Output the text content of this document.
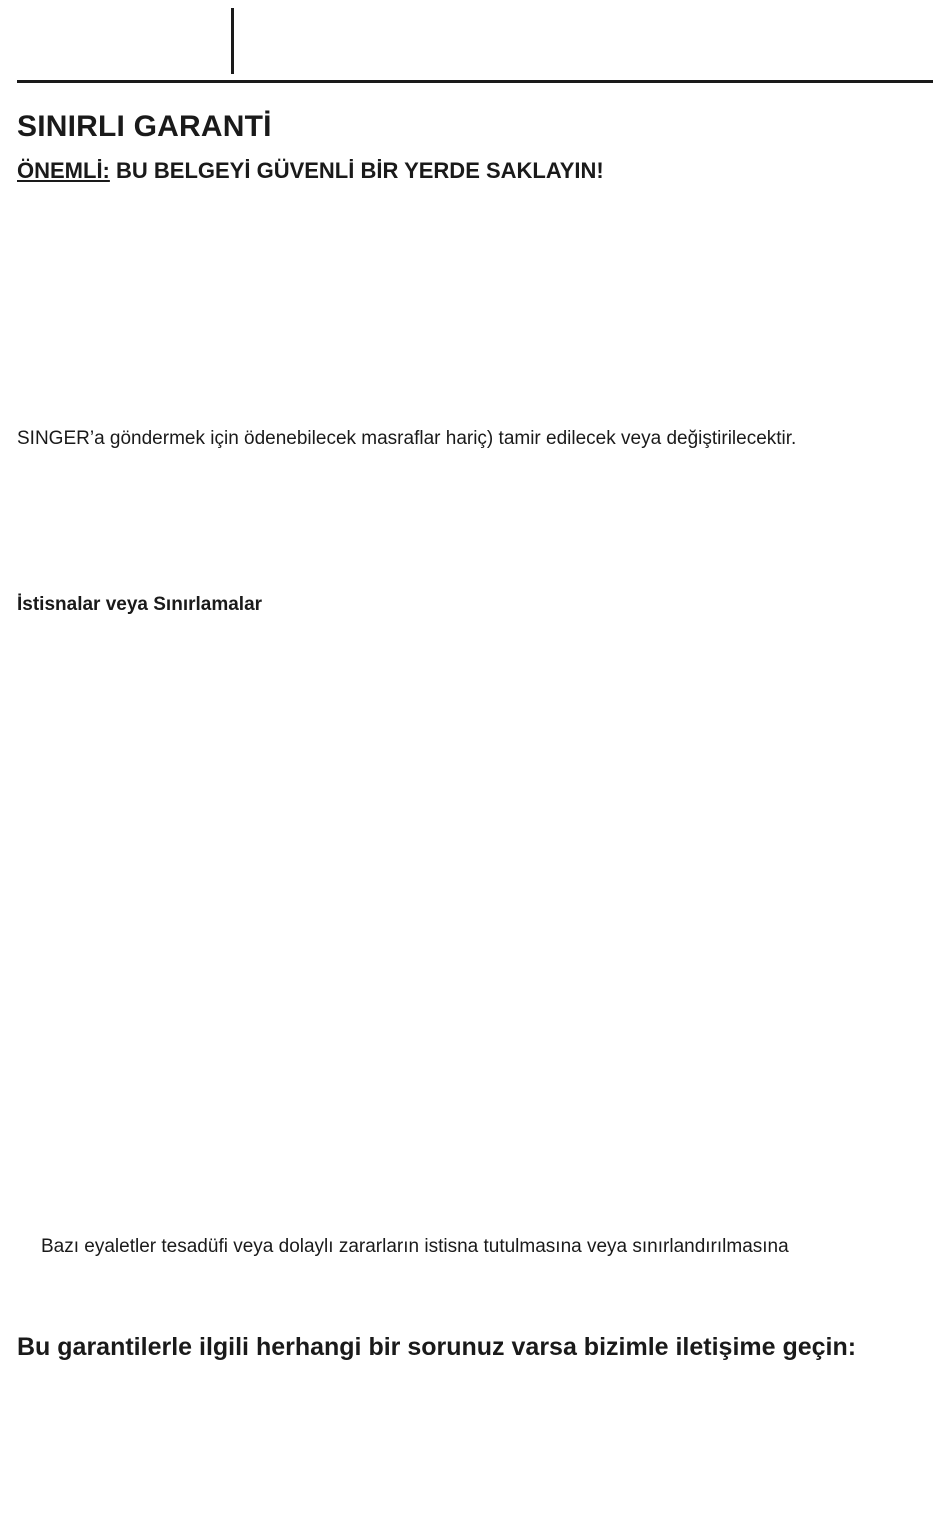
SINIRLI GARANTİ
ÖNEMLİ: BU BELGEYİ GÜVENLİ BİR YERDE SAKLAYIN!
SINGER’a göndermek için ödenebilecek masraflar hariç) tamir edilecek veya değiştirilecektir.
İstisnalar veya Sınırlamalar
Bazı eyaletler tesadüfi veya dolaylı zararların istisna tutulmasına veya sınırlandırılmasına
Bu garantilerle ilgili herhangi bir sorunuz varsa bizimle iletişime geçin:
